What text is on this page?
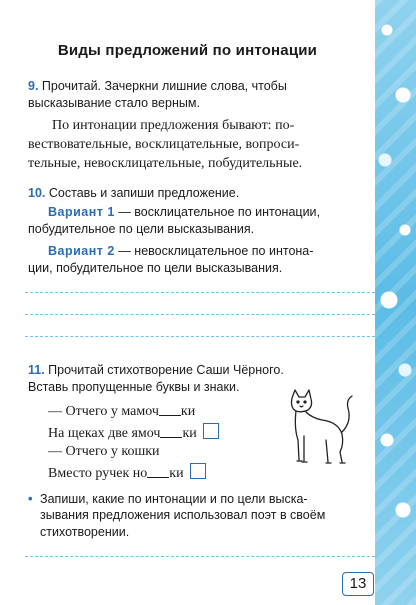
Виды предложений по интонации
9. Прочитай. Зачеркни лишние слова, чтобы
высказывание стало верным.
По интонации предложения бывают: по-
вествовательные, восклицательные, вопроси-
тельные, невосклицательные, побудительные.
10. Составь и запиши предложение.
Вариант 1 — восклицательное по интонации,
побудительное по цели высказывания.
Вариант 2 — невосклицательное по интона-
ции, побудительное по цели высказывания.
11. Прочитай стихотворение Саши Чёрного.
Вставь пропущенные буквы и знаки.
— Отчего у мамоч ки
На щеках две ямоч ки
— Отчего у кошки
Вместо ручек но ки
• Запиши, какие по интонации и по цели выска-
зывания предложения использовал поэт в своём
стихотворении.
13
